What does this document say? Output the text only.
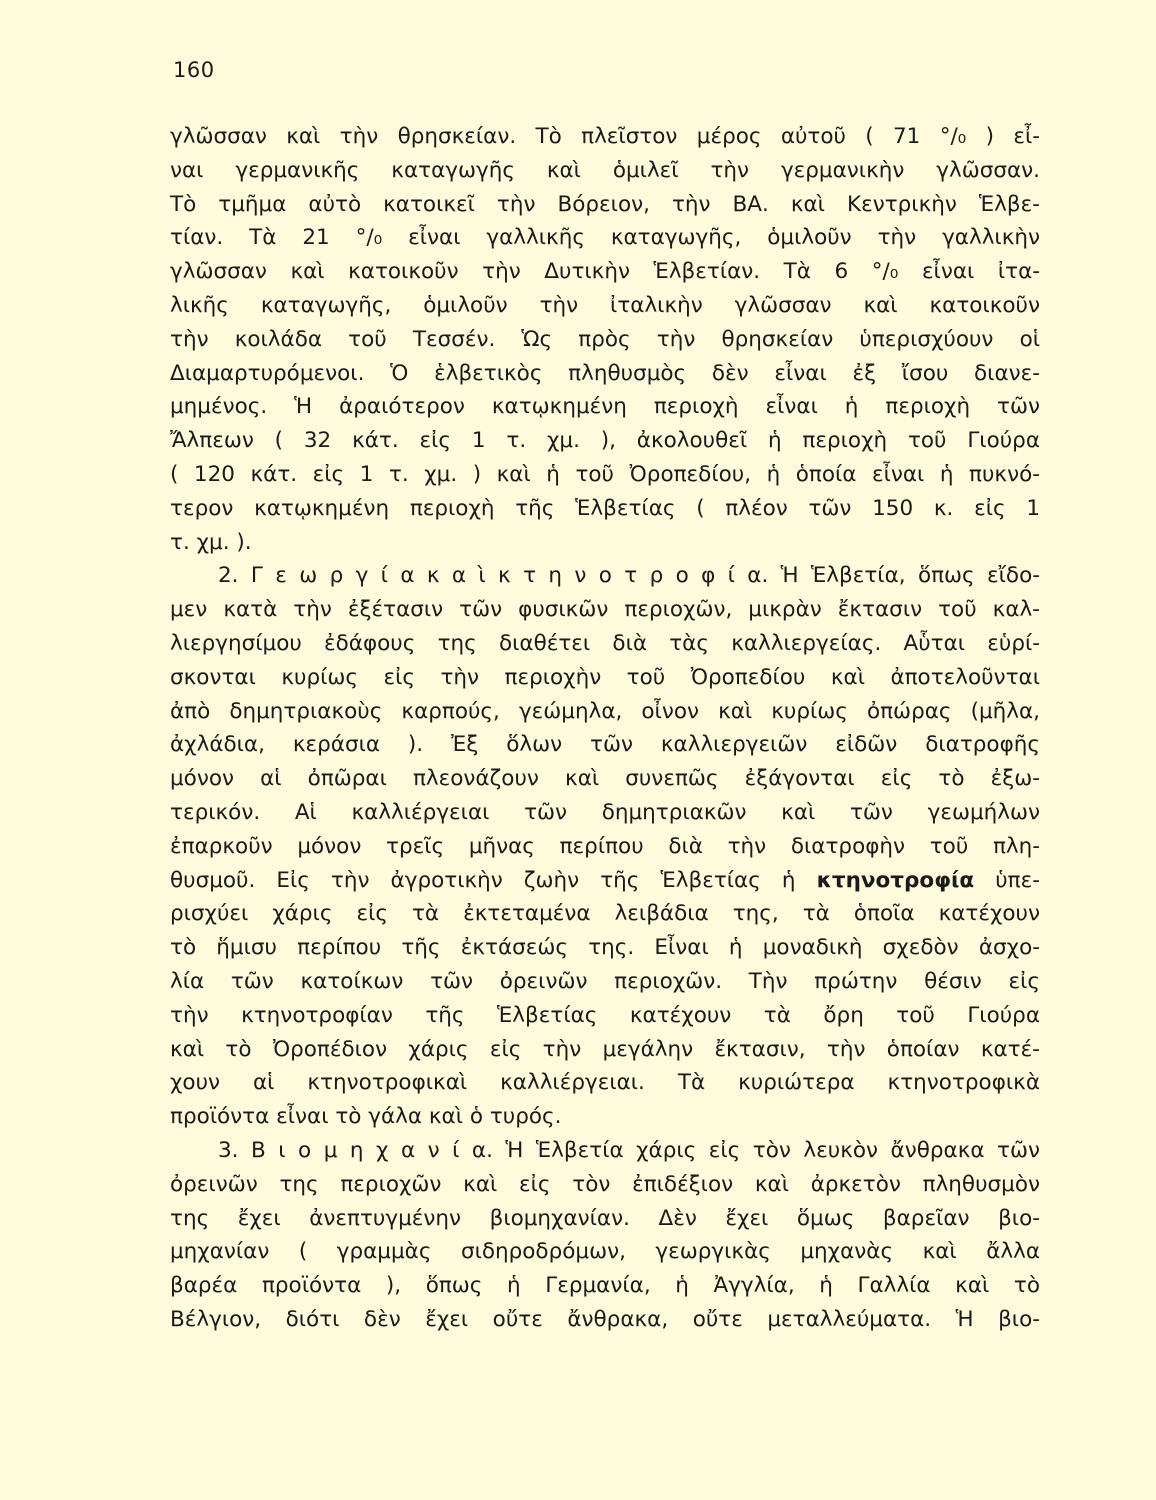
160
γλῶσσαν καὶ τὴν θρησκείαν. Τὸ πλεῖστον μέρος αὐτοῦ ( 71 °/₀ ) εἶ-
ναι γερμανικῆς καταγωγῆς καὶ ὁμιλεῖ τὴν γερμανικὴν γλῶσσαν.
Τὸ τμῆμα αὐτὸ κατοικεῖ τὴν Βόρειον, τὴν ΒΑ. καὶ Κεντρικὴν Ἑλβε-
τίαν. Τὰ 21 °/₀ εἶναι γαλλικῆς καταγωγῆς, ὁμιλοῦν τὴν γαλλικὴν
γλῶσσαν καὶ κατοικοῦν τὴν Δυτικὴν Ἑλβετίαν. Τὰ 6 °/₀ εἶναι ἰτα-
λικῆς καταγωγῆς, ὁμιλοῦν τὴν ἰταλικὴν γλῶσσαν καὶ κατοικοῦν
τὴν κοιλάδα τοῦ Τεσσέν. Ὡς πρὸς τὴν θρησκείαν ὑπερισχύουν οἱ
Διαμαρτυρόμενοι. Ὁ ἑλβετικὸς πληθυσμὸς δὲν εἶναι ἐξ ἴσου διανε-
μημένος. Ἡ ἀραιότερον κατῳκημένη περιοχὴ εἶναι ἡ περιοχὴ τῶν
Ἄλπεων ( 32 κάτ. εἰς 1 τ. χμ. ), ἀκολουθεῖ ἡ περιοχὴ τοῦ Γιούρα
( 120 κάτ. εἰς 1 τ. χμ. ) καὶ ἡ τοῦ Ὀροπεδίου, ἡ ὁποία εἶναι ἡ πυκνό-
τερον κατῳκημένη περιοχὴ τῆς Ἑλβετίας ( πλέον τῶν 150 κ. εἰς 1
τ. χμ. ).
2. Γ ε ω ρ γ ί α κ α ὶ κ τ η ν ο τ ρ ο φ ί α. Ἡ Ἑλβετία, ὅπως εἴδο-
μεν κατὰ τὴν ἐξέτασιν τῶν φυσικῶν περιοχῶν, μικρὰν ἔκτασιν τοῦ καλ-
λιεργησίμου ἐδάφους της διαθέτει διὰ τὰς καλλιεργείας. Αὗται εὑρί-
σκονται κυρίως εἰς τὴν περιοχὴν τοῦ Ὀροπεδίου καὶ ἀποτελοῦνται
ἀπὸ δημητριακοὺς καρπούς, γεώμηλα, οἶνον καὶ κυρίως ὀπώρας (μῆλα,
ἀχλάδια, κεράσια ). Ἐξ ὅλων τῶν καλλιεργειῶν εἰδῶν διατροφῆς
μόνον αἱ ὀπῶραι πλεονάζουν καὶ συνεπῶς ἐξάγονται εἰς τὸ ἐξω-
τερικόν. Αἱ καλλιέργειαι τῶν δημητριακῶν καὶ τῶν γεωμήλων
ἐπαρκοῦν μόνον τρεῖς μῆνας περίπου διὰ τὴν διατροφὴν τοῦ πλη-
θυσμοῦ. Εἰς τὴν ἀγροτικὴν ζωὴν τῆς Ἑλβετίας ἡ κτηνοτροφία ὑπε-
ρισχύει χάρις εἰς τὰ ἐκτεταμένα λειβάδια της, τὰ ὁποῖα κατέχουν
τὸ ἥμισυ περίπου τῆς ἐκτάσεώς της. Εἶναι ἡ μοναδικὴ σχεδὸν ἀσχο-
λία τῶν κατοίκων τῶν ὀρεινῶν περιοχῶν. Τὴν πρώτην θέσιν εἰς
τὴν κτηνοτροφίαν τῆς Ἑλβετίας κατέχουν τὰ ὄρη τοῦ Γιούρα
καὶ τὸ Ὀροπέδιον χάρις εἰς τὴν μεγάλην ἔκτασιν, τὴν ὁποίαν κατέ-
χουν αἱ κτηνοτροφικαὶ καλλιέργειαι. Τὰ κυριώτερα κτηνοτροφικὰ
προϊόντα εἶναι τὸ γάλα καὶ ὁ τυρός.
3. Β ι ο μ η χ α ν ί α. Ἡ Ἑλβετία χάρις εἰς τὸν λευκὸν ἄνθρακα τῶν
ὀρεινῶν της περιοχῶν καὶ εἰς τὸν ἐπιδέξιον καὶ ἀρκετὸν πληθυσμὸν
της ἔχει ἀνεπτυγμένην βιομηχανίαν. Δὲν ἔχει ὅμως βαρεῖαν βιο-
μηχανίαν ( γραμμὰς σιδηροδρόμων, γεωργικὰς μηχανὰς καὶ ἄλλα
βαρέα προϊόντα ), ὅπως ἡ Γερμανία, ἡ Ἀγγλία, ἡ Γαλλία καὶ τὸ
Βέλγιον, διότι δὲν ἔχει οὔτε ἄνθρακα, οὔτε μεταλλεύματα. Ἡ βιο-
